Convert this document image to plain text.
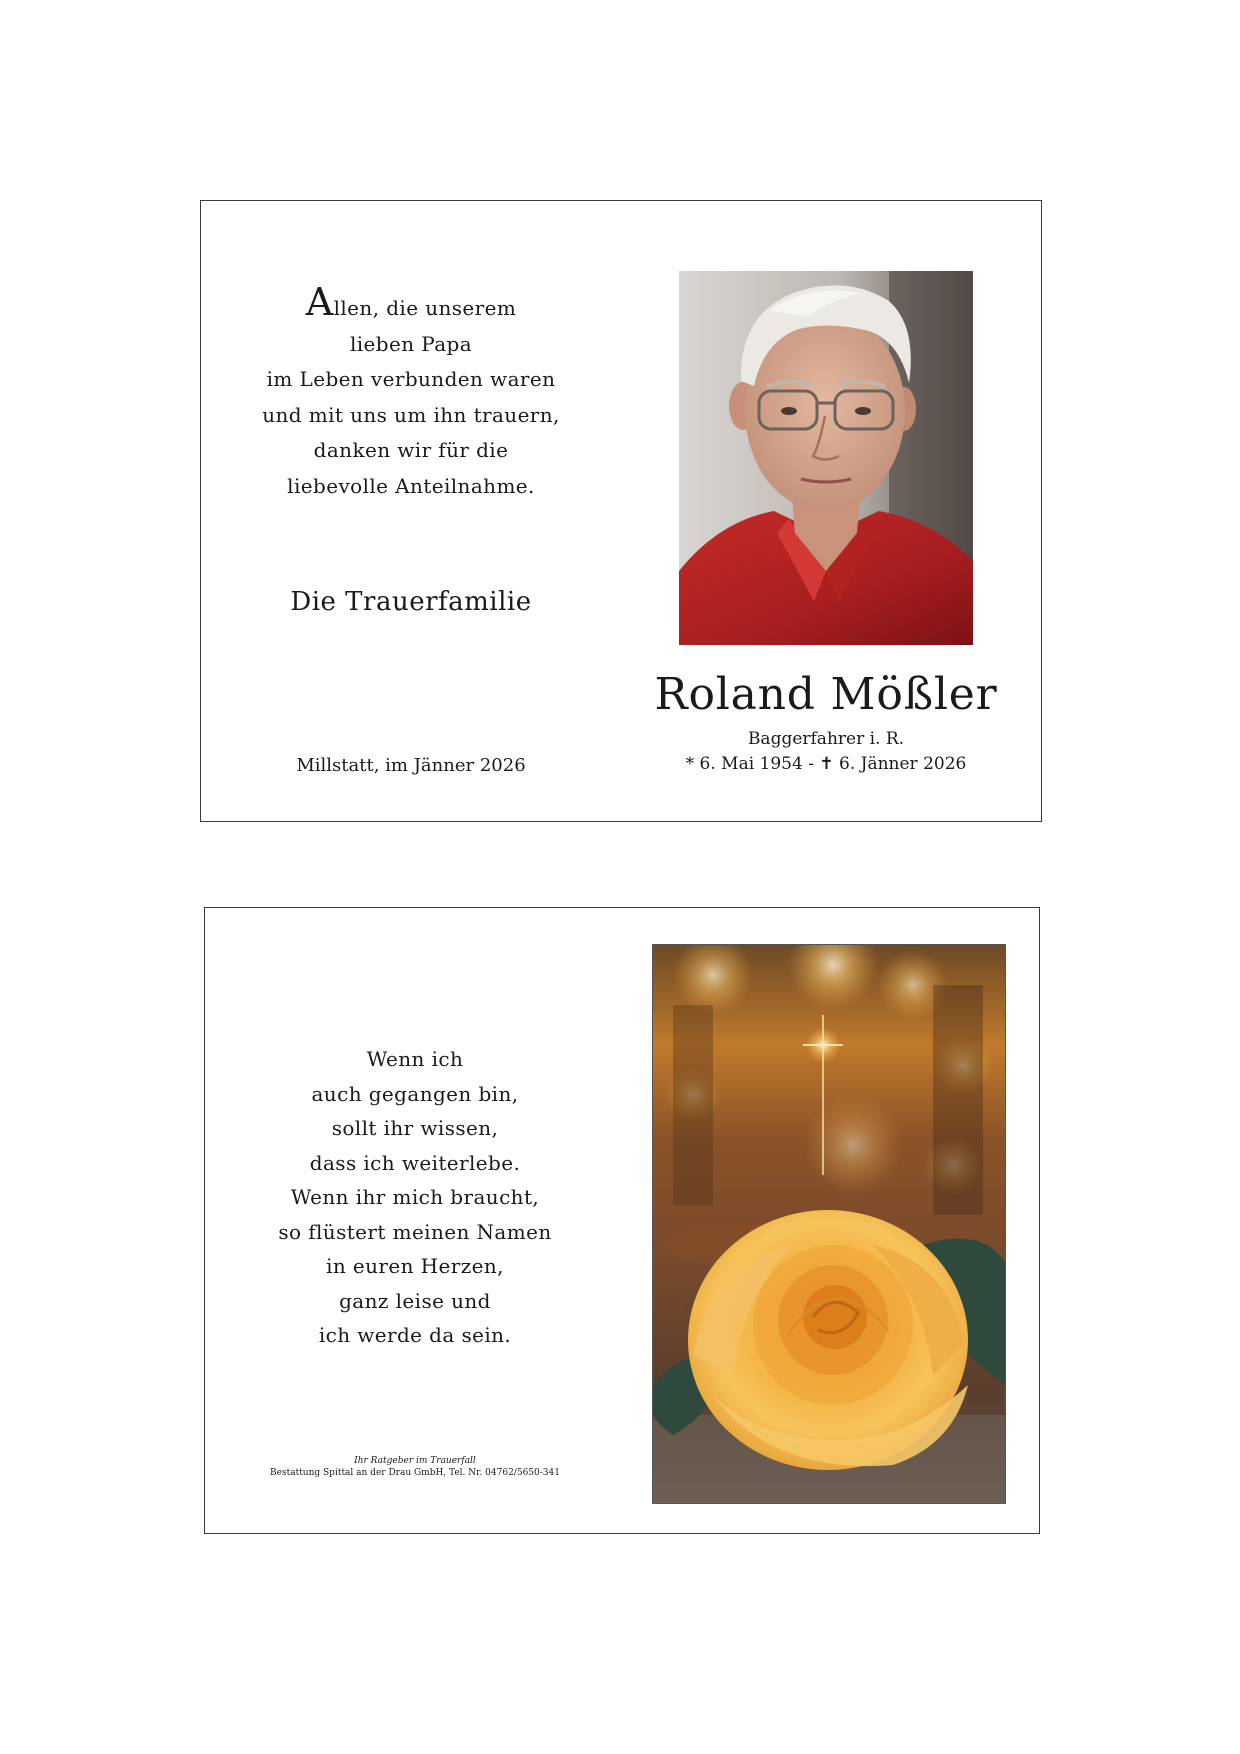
Allen, die unserem
lieben Papa
im Leben verbunden waren
und mit uns um ihn trauern,
danken wir für die
liebevolle Anteilnahme.
Die Trauerfamilie
Millstatt, im Jänner 2026
Roland Mößler
Baggerfahrer i. R.
* 6. Mai 1954 - ✝ 6. Jänner 2026
Wenn ich
auch gegangen bin,
sollt ihr wissen,
dass ich weiterlebe.
Wenn ihr mich braucht,
so flüstert meinen Namen
in euren Herzen,
ganz leise und
ich werde da sein.
Ihr Ratgeber im Trauerfall
Bestattung Spittal an der Drau GmbH, Tel. Nr. 04762/5650-341
